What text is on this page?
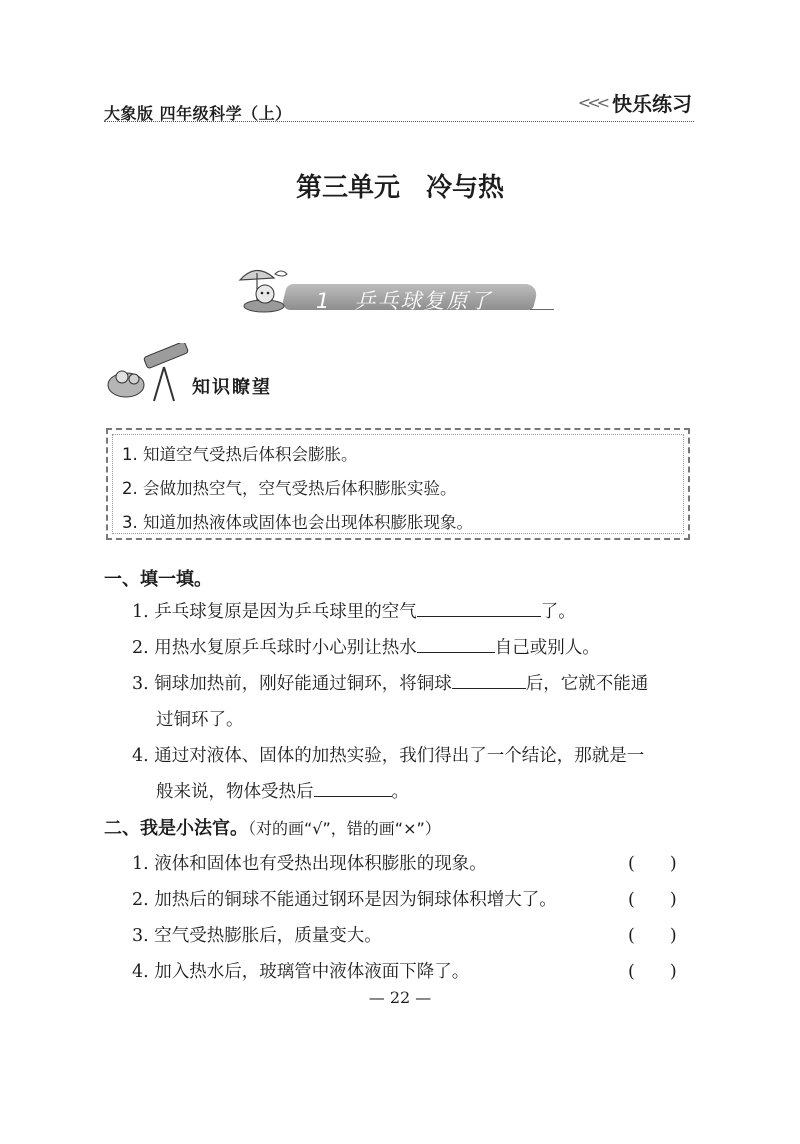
大象版 四年级科学（上）
<<< 快乐练习
第三单元　冷与热
1　乒乓球复原了
知识瞭望
1. 知道空气受热后体积会膨胀。
2. 会做加热空气，空气受热后体积膨胀实验。
3. 知道加热液体或固体也会出现体积膨胀现象。
一、填一填。
1. 乒乓球复原是因为乒乓球里的空气	了。
2. 用热水复原乒乓球时小心别让热水	自己或别人。
3. 铜球加热前，刚好能通过铜环，将铜球	后，它就不能通
过铜环了。
4. 通过对液体、固体的加热实验，我们得出了一个结论，那就是一
般来说，物体受热后	。
二、我是小法官。（对的画“√”，错的画“×”）
1. 液体和固体也有受热出现体积膨胀的现象。	(　　)
2. 加热后的铜球不能通过钢环是因为铜球体积增大了。	(　　)
3. 空气受热膨胀后，质量变大。	(　　)
4. 加入热水后，玻璃管中液体液面下降了。	(　　)
— 22 —
